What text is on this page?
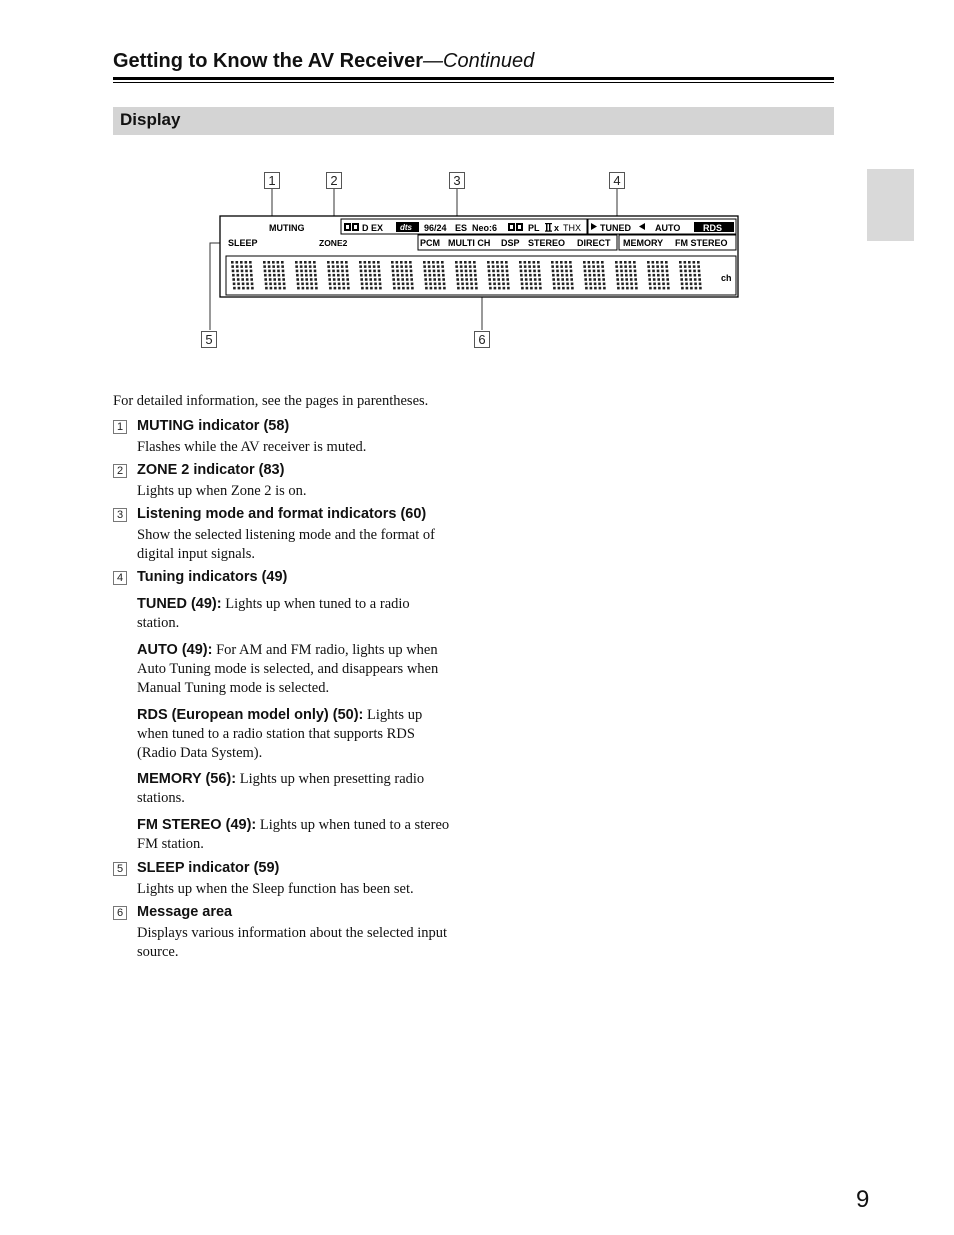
Getting to Know the AV Receiver—Continued
Display
MUTING
SLEEP	ZONE2
D EX dts 96/24 ES Neo:6	PL x THX TUNED	AUTO	RDS
PCM MULTI CH DSP STEREO DIRECT MEMORY FM STEREO
ch
1	2	3	4
5	6
For detailed information, see the pages in parentheses.
1 MUTING indicator (58)
Flashes while the AV receiver is muted.
2 ZONE 2 indicator (83)
Lights up when Zone 2 is on.
3 Listening mode and format indicators (60)
Show the selected listening mode and the format of digital input signals.
4 Tuning indicators (49)
TUNED (49): Lights up when tuned to a radio station.
AUTO (49): For AM and FM radio, lights up when Auto Tuning mode is selected, and disappears when Manual Tuning mode is selected.
RDS (European model only) (50): Lights up when tuned to a radio station that supports RDS (Radio Data System).
MEMORY (56): Lights up when presetting radio stations.
FM STEREO (49): Lights up when tuned to a stereo FM station.
5 SLEEP indicator (59)
Lights up when the Sleep function has been set.
6 Message area
Displays various information about the selected input source.
9
